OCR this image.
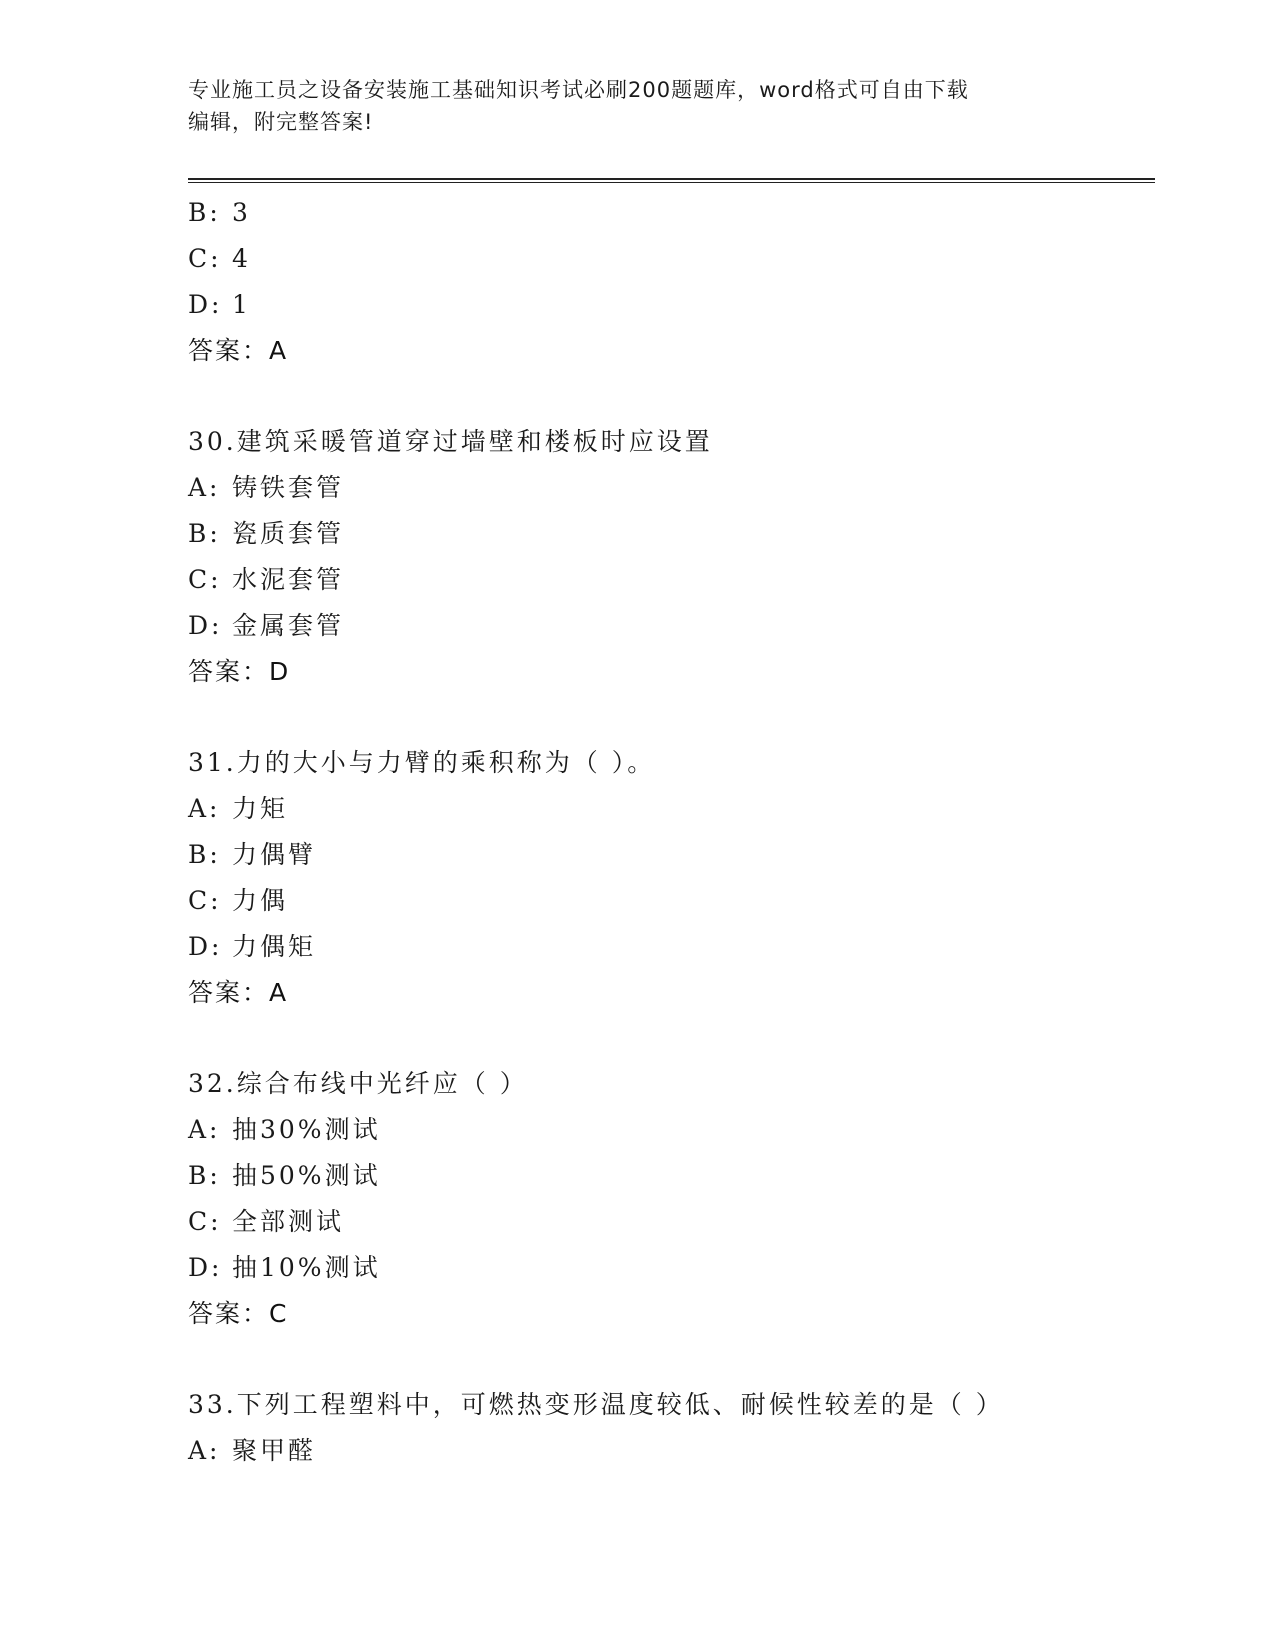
专业施工员之设备安装施工基础知识考试必刷200题题库，word格式可自由下载
编辑，附完整答案!
B: 3
C: 4
D: 1
答案：A
30.建筑采暖管道穿过墙壁和楼板时应设置
A: 铸铁套管
B: 瓷质套管
C: 水泥套管
D: 金属套管
答案：D
31.力的大小与力臂的乘积称为（ ）。
A: 力矩
B: 力偶臂
C: 力偶
D: 力偶矩
答案：A
32.综合布线中光纤应（ ）
A: 抽30%测试
B: 抽50%测试
C: 全部测试
D: 抽10%测试
答案：C
33.下列工程塑料中，可燃热变形温度较低、耐候性较差的是（ ）
A: 聚甲醛
